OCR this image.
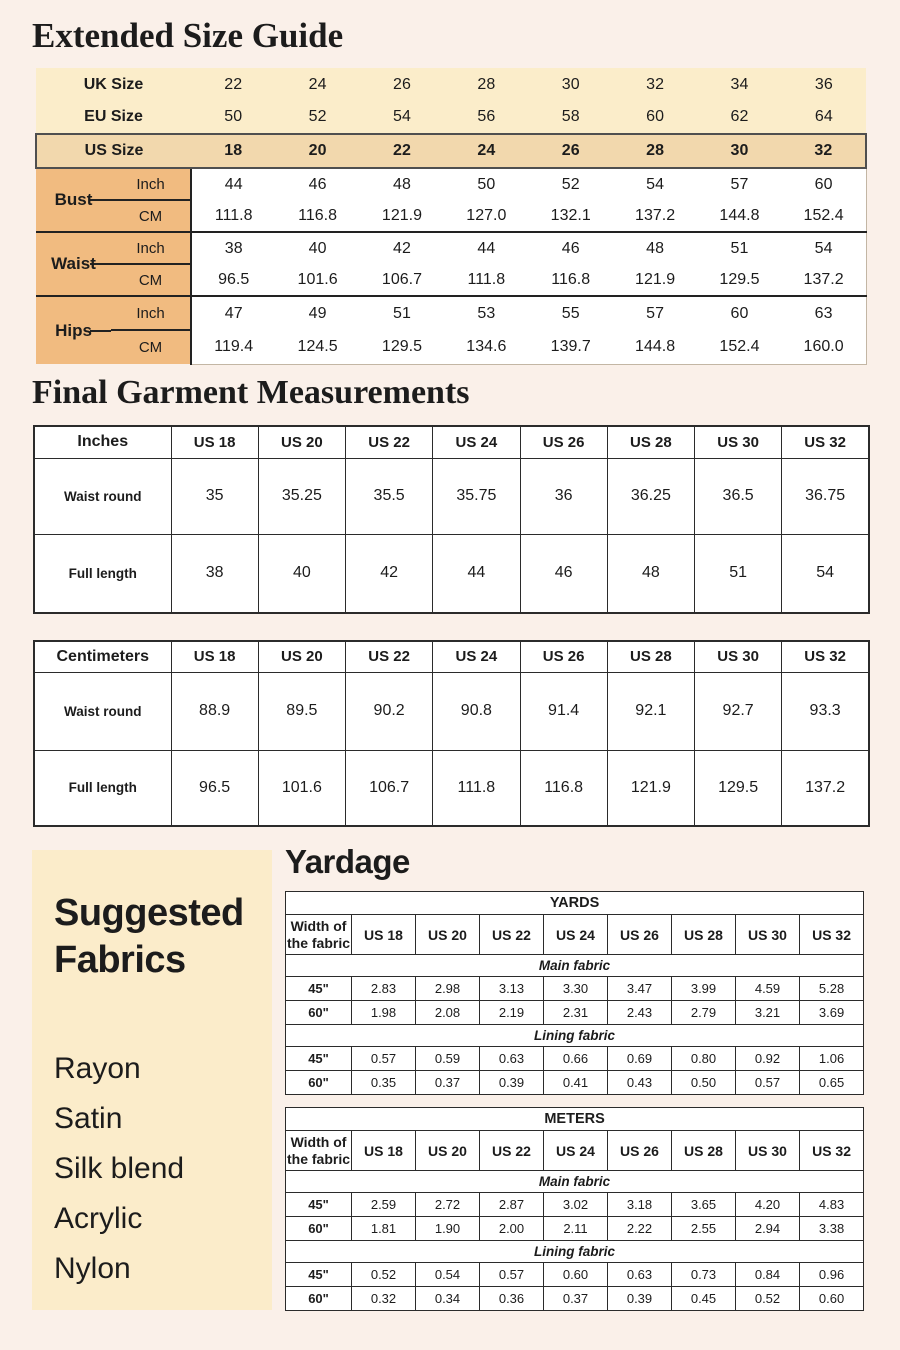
Extended Size Guide
UK Size		22	24	26	28	30	32	34	36
EU Size		50	52	54	56	58	60	62	64
US Size		18	20	22	24	26	28	30	32
Bust	Inch	44	46	48	50	52	54	57	60
	CM	111.8	116.8	121.9	127.0	132.1	137.2	144.8	152.4
Waist	Inch	38	40	42	44	46	48	51	54
	CM	96.5	101.6	106.7	111.8	116.8	121.9	129.5	137.2
Hips	Inch	47	49	51	53	55	57	60	63
	CM	119.4	124.5	129.5	134.6	139.7	144.8	152.4	160.0
Final Garment Measurements
Inches	US 18	US 20	US 22	US 24	US 26	US 28	US 30	US 32
Waist round	35	35.25	35.5	35.75	36	36.25	36.5	36.75
Full length	38	40	42	44	46	48	51	54
Centimeters	US 18	US 20	US 22	US 24	US 26	US 28	US 30	US 32
Waist round	88.9	89.5	90.2	90.8	91.4	92.1	92.7	93.3
Full length	96.5	101.6	106.7	111.8	116.8	121.9	129.5	137.2
Suggested
Fabrics
Rayon
Satin
Silk blend
Acrylic
Nylon
Yardage
YARDS								

Width of
the fabric	US 18	US 20	US 22	US 24	US 26	US 28	US 30	US 32
Main fabric								
45"	2.83	2.98	3.13	3.30	3.47	3.99	4.59	5.28
60"	1.98	2.08	2.19	2.31	2.43	2.79	3.21	3.69
Lining fabric								
45"	0.57	0.59	0.63	0.66	0.69	0.80	0.92	1.06
60"	0.35	0.37	0.39	0.41	0.43	0.50	0.57	0.65
METERS								

Width of
the fabric	US 18	US 20	US 22	US 24	US 26	US 28	US 30	US 32
Main fabric								
45"	2.59	2.72	2.87	3.02	3.18	3.65	4.20	4.83
60"	1.81	1.90	2.00	2.11	2.22	2.55	2.94	3.38
Lining fabric								
45"	0.52	0.54	0.57	0.60	0.63	0.73	0.84	0.96
60"	0.32	0.34	0.36	0.37	0.39	0.45	0.52	0.60
